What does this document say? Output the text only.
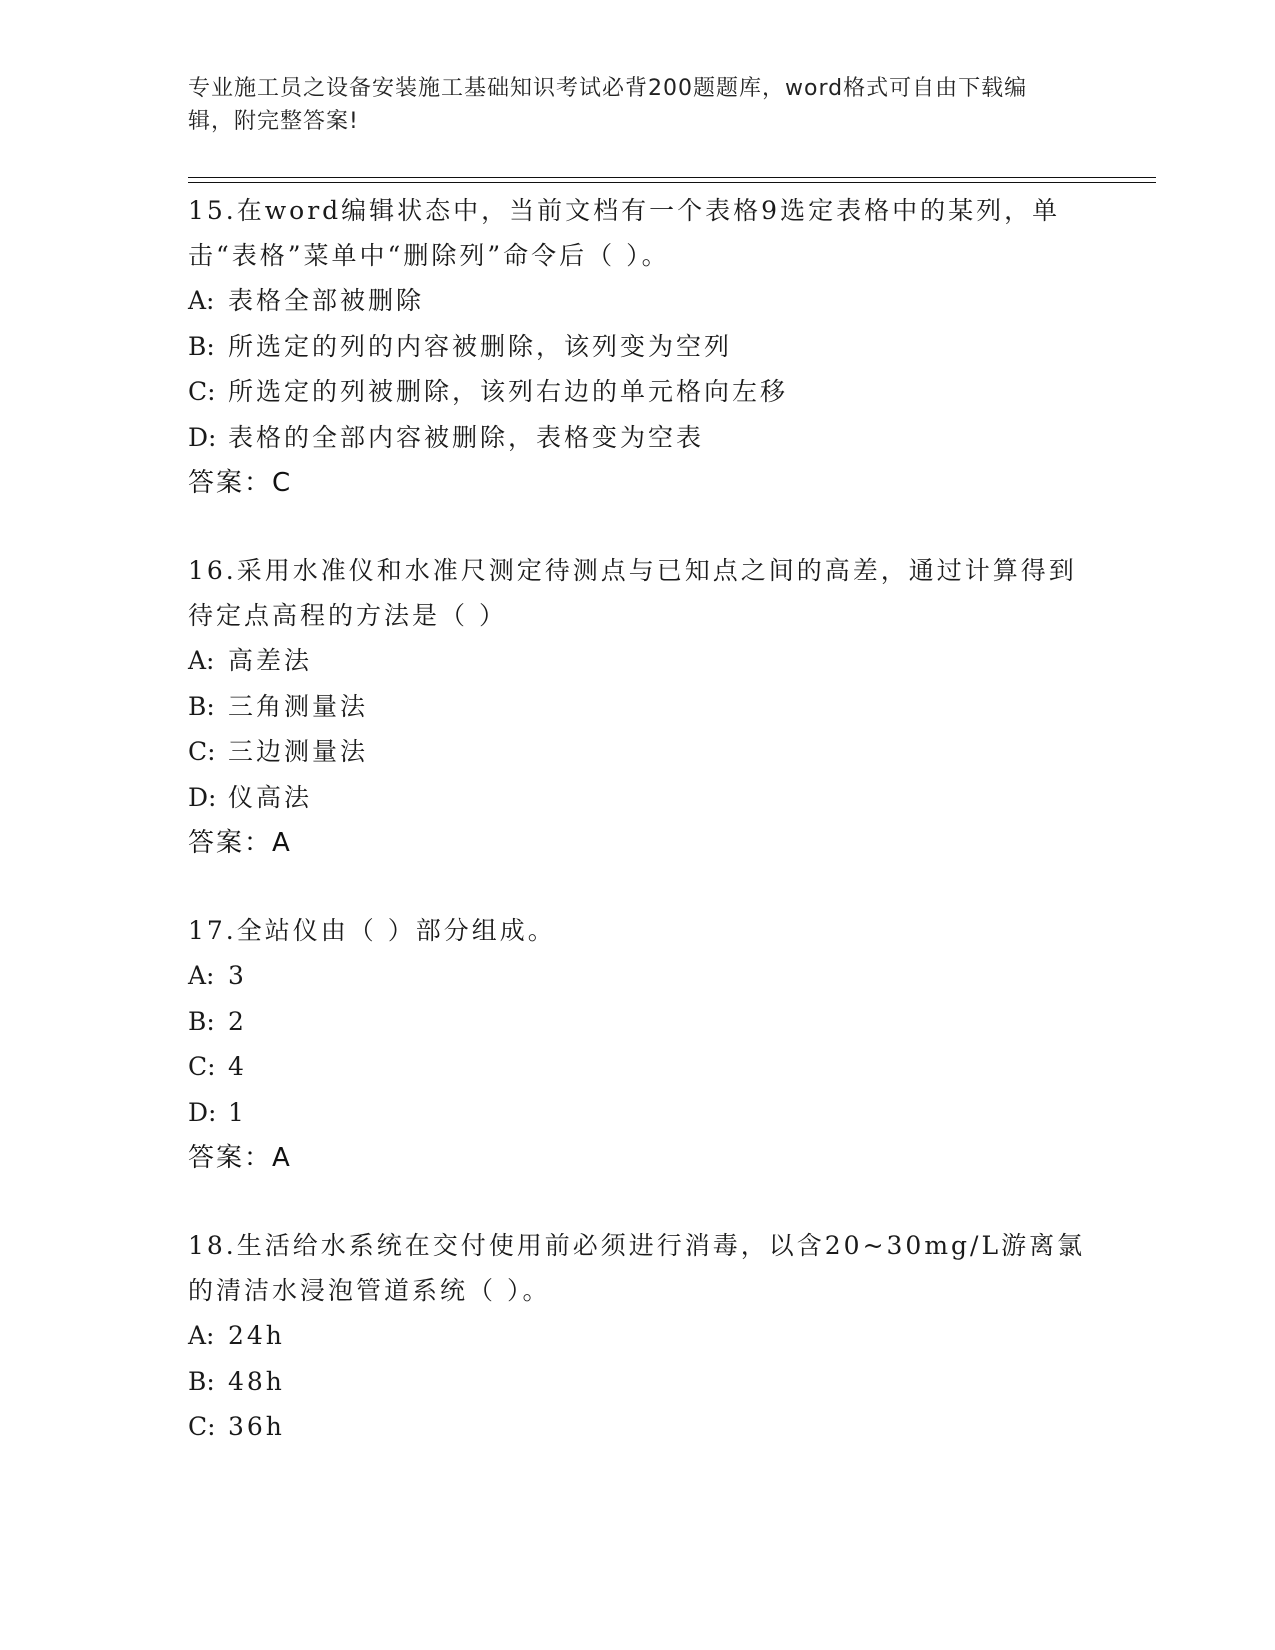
专业施工员之设备安装施工基础知识考试必背200题题库，word格式可自由下载编辑，附完整答案!

15.在word编辑状态中，当前文档有一个表格9选定表格中的某列，单击“表格”菜单中“删除列”命令后（ ）。

A: 表格全部被删除

B: 所选定的列的内容被删除，该列变为空列

C: 所选定的列被删除，该列右边的单元格向左移

D: 表格的全部内容被删除，表格变为空表

答案：C

16.采用水准仪和水准尺测定待测点与已知点之间的高差，通过计算得到待定点高程的方法是（ ）

A: 高差法

B: 三角测量法

C: 三边测量法

D: 仪高法

答案：A

17.全站仪由（ ）部分组成。

A: 3

B: 2

C: 4

D: 1

答案：A

18.生活给水系统在交付使用前必须进行消毒，以含20~30mg/L游离氯的清洁水浸泡管道系统（ ）。

A: 24h

B: 48h

C: 36h
